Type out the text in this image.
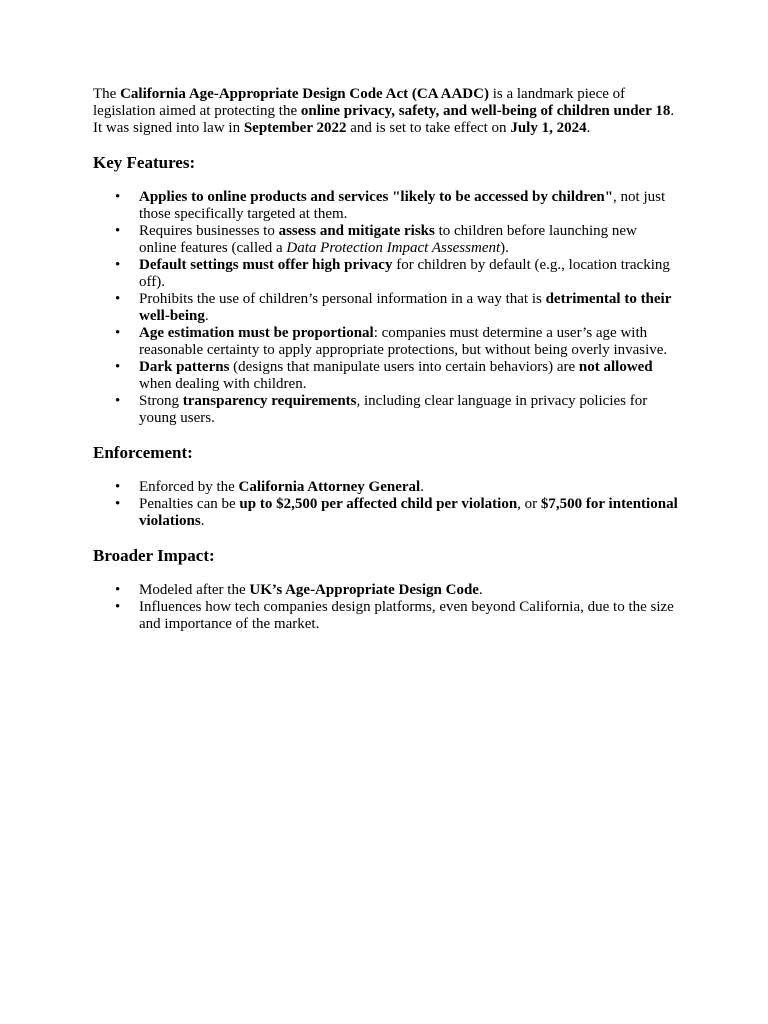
The California Age-Appropriate Design Code Act (CA AADC) is a landmark piece of legislation aimed at protecting the online privacy, safety, and well-being of children under 18. It was signed into law in September 2022 and is set to take effect on July 1, 2024.

Key Features:
• Applies to online products and services "likely to be accessed by children", not just those specifically targeted at them.
• Requires businesses to assess and mitigate risks to children before launching new online features (called a Data Protection Impact Assessment).
• Default settings must offer high privacy for children by default (e.g., location tracking off).
• Prohibits the use of children’s personal information in a way that is detrimental to their well-being.
• Age estimation must be proportional: companies must determine a user’s age with reasonable certainty to apply appropriate protections, but without being overly invasive.
• Dark patterns (designs that manipulate users into certain behaviors) are not allowed when dealing with children.
• Strong transparency requirements, including clear language in privacy policies for young users.
Enforcement:
• Enforced by the California Attorney General.
• Penalties can be up to $2,500 per affected child per violation, or $7,500 for intentional violations.
Broader Impact:
• Modeled after the UK’s Age-Appropriate Design Code.
• Influences how tech companies design platforms, even beyond California, due to the size and importance of the market.
